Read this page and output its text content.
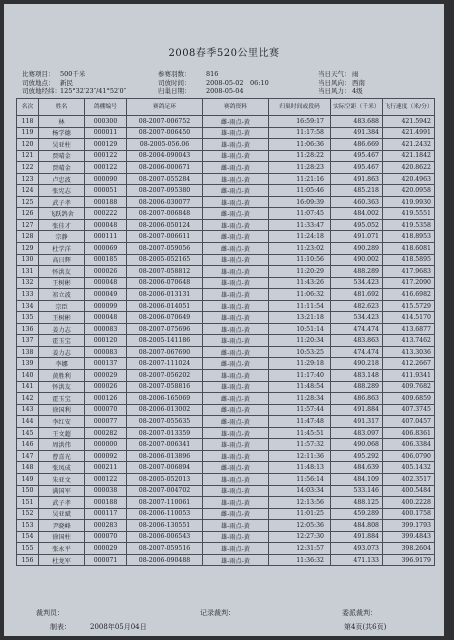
2008春季520公里比赛
比赛项目： 500千米	参赛羽数： 816	当日天气： 雨
司放地点： 新民	司放时间： 2008-05-02　06:10	当日风向： 西南
司放地经纬： 125°32′23″/41°52′0″	归巢日期： 2008-05-04	当日风力： 4级
名次	姓名	鸽棚编号	赛鸽足环	赛鸽资料	归巢时间或段码	实际空距（千米）	飞行速度（米/分）
118	林	000300	08-2007-006752	雌-雨点-黄	16:59:17	483.688	421.5942
119	杨学德	000011	08-2007-006450	雄-雨点-黄	11:17:58	491.384	421.4991
120	吴亚柱	000129	08-2005-056.06	雄-雨点-黄	11:06:36	486.669	421.2432
121	贾晴金	000122	08-2004-090043	雄-雨点-黄	11:28:22	495.467	421.1842
122	贾晴金	000122	08-2006-000671	雌-雨点-黄	11:28:23	495.467	420.8622
123	卢忠波	000090	08-2007-055284	雄-雨点-黄	11:21:16	491.863	420.4963
124	张宪志	000051	08-2007-095380	雌-雨点-黄	11:05:46	485.218	420.0958
125	武子孝	000188	08-2006-030077	雄-雨点-黄	16:09:39	460.363	419.9930
126	飞跃鸽舍	000222	08-2007-006848	雌-雨点-黄	11:07:45	484.002	419.5551
127	张佳才	000048	08-2006-050124	雄-雨点-黄	11:33:47	495.052	419.5358
128	宗静	000111	08-2007-006611	雌-雨点-黄	11:24:18	491.071	418.8953
129	杜学洋	000069	08-2007-059056	雌-雨点-黄	11:23:02	490.289	418.6081
130	高日辉	000185	08-2005-052165	雄-雨点-黄	11:10:56	490.002	418.5895
131	怀洪友	000026	08-2007-058812	雄-雨点-黄	11:20:29	488.289	417.9683
132	王树彬	000048	08-2006-070648	雄-雨点-黄	11:43:26	534.423	417.2090
133	祁立波	000049	08-2006-013131	雄-雨点-黄	11:06:32	481.692	416.6982
134	宗臣	000099	08-2006-014051	雄-雨点-黄	11:11:54	482.623	415.5729
135	王树彬	000048	08-2006-070649	雄-雨点-黄	13:21:18	534.423	414.5170
136	姜力志	000083	08-2007-075696	雄-雨点-黄	10:51:14	474.474	413.6877
137	霍玉宝	000120	08-2005-141186	雄-雨点-黄	11:20:34	483.863	413.7462
138	姜力志	000083	08-2007-067690	雌-雨点-黄	10:53:25	474.474	413.3036
139	李娜	000137	08-2007-111024	雌-雨点-黄	11:29:18	490.218	412.2667
140	黄胜利	000029	08-2007-056202	雄-雨点-黄	11:17:40	483.148	411.9341
141	怀洪友	000026	08-2007-058816	雄-雨点-黄	11:48:54	488.289	409.7682
142	霍玉宝	000126	08-2006-165069	雌-雨点-黄	11:28:34	486.863	409.6859
143	徐国利	000070	08-2006-013002	雌-雨点-黄	11:57:44	491.884	407.3745
144	李红安	000077	08-2007-055635	雌-雨点-黄	11:47:48	491.317	407.0457
145	王文超	000282	08-2007-013359	雄-雨点-黄	11:45:51	483.097	406.8361
146	周洪伟	000000	08-2007-006341	雄-雨点-黄	11:57:32	490.068	406.3384
147	曹喜光	000092	08-2006-013896	雄-雨点-黄	12:11:36	495.292	406.0790
148	张凤成	000211	08-2007-006894	雌-雨点-黄	11:48:13	484.639	405.1432
149	朱亚文	000122	08-2005-052013	雄-雨点-黄	11:56:14	484.109	402.3517
150	满国军	000038	08-2007-004702	雄-雨点-黄	14:03:34	533.146	400.5484
151	武子孝	000188	08-2007-110061	雄-雨点-黄	12:13:56	488.125	400.2228
152	吴亚斌	000117	08-2006-110053	雌-雨点-黄	11:01:25	459.289	400.1758
153	尹晓峰	000283	08-2006-130551	雄-雨点-黄	12:05:36	484.808	399.1793
154	徐国柱	000070	08-2006-006543	雄-雨点-黄	12:27:30	491.884	399.4843
155	张永平	000029	08-2007-059516	雄-雨点-黄	12:31:57	493.073	398.2604
156	杜龙军	000071	08-2006-090488	雄-雨点-黄	11:36:32	471.133	396.9179
裁判员：	记录裁判：	委派裁判：
制表：	2008年05月04日	第4页(共6页)
